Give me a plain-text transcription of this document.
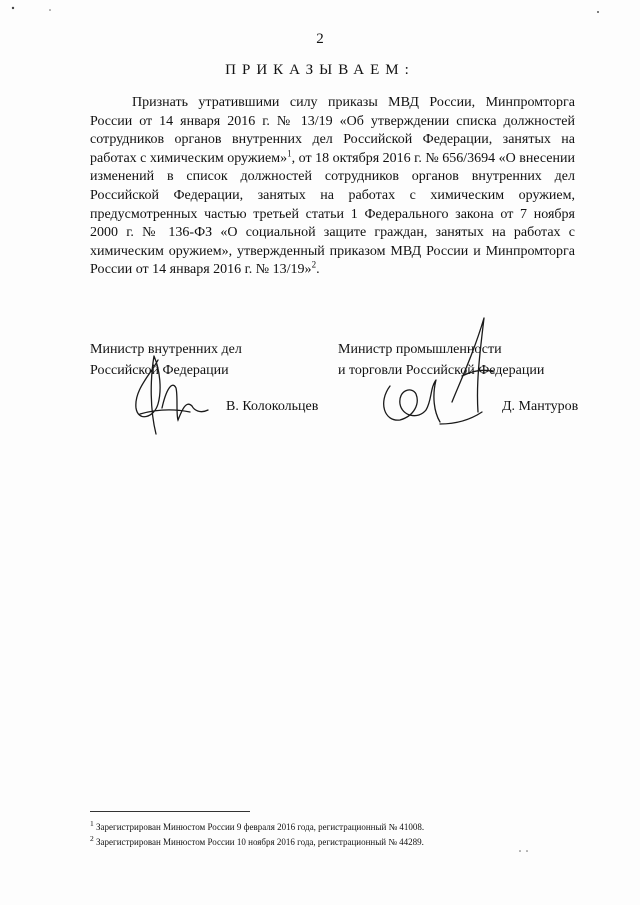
2
ПРИКАЗЫВАЕМ:
Признать утратившими силу приказы МВД России, Минпромторга России от 14 января 2016 г. № 13/19 «Об утверждении списка должностей сотрудников органов внутренних дел Российской Федерации, занятых на работах с химическим оружием»$^1$, от 18 октября 2016 г. № 656/3694 «О внесении изменений в список должностей сотрудников органов внутренних дел Российской Федерации, занятых на работах с химическим оружием, предусмотренных частью третьей статьи 1 Федерального закона от 7 ноября 2000 г. № 136-ФЗ «О социальной защите граждан, занятых на работах с химическим оружием», утвержденный приказом МВД России и Минпромторга России от 14 января 2016 г. № 13/19»$^2$.
Министр внутренних дел
Российской Федерации
В. Колокольцев
Министр промышленности
и торговли Российской Федерации
Д. Мантуров
$^1$ Зарегистрирован Минюстом России 9 февраля 2016 года, регистрационный № 41008.
$^2$ Зарегистрирован Минюстом России 10 ноября 2016 года, регистрационный № 44289.
